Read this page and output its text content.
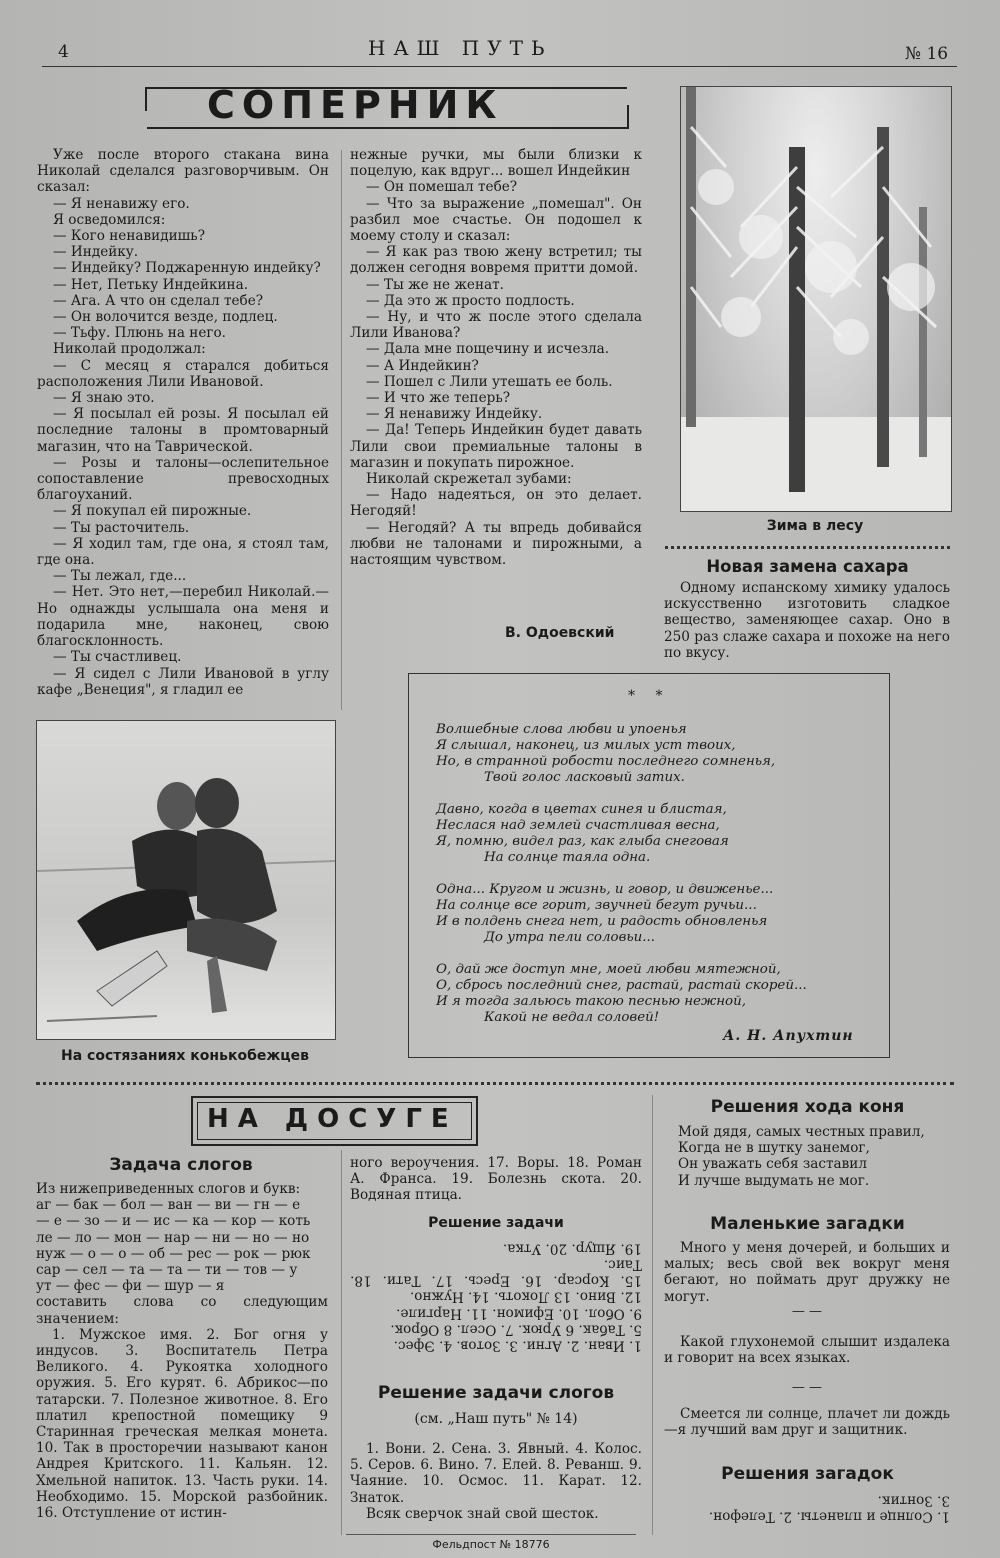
4	НАШ ПУТЬ	№ 16
СОПЕРНИК

Уже после второго стакана вина Николай сделался разговорчивым. Он сказал:

— Я ненавижу его.

Я осведомился:

— Кого ненавидишь?

— Индейку.

— Индейку? Поджаренную индейку?

— Нет, Петьку Индейкина.

— Ага. А что он сделал тебе?

— Он волочится везде, подлец.

— Тьфу. Плюнь на него.

Николай продолжал:

— С месяц я старался добиться расположения Лили Ивановой.

— Я знаю это.

— Я посылал ей розы. Я посылал ей последние талоны в промтоварный магазин, что на Таврической.

— Розы и талоны—ослепительное сопоставление превосходных благоуханий.

— Я покупал ей пирожные.

— Ты расточитель.

— Я ходил там, где она, я стоял там, где она.

— Ты лежал, где...

— Нет. Это нет,—перебил Николай.—Но однажды услышала она меня и подарила мне, наконец, свою благосклонность.

— Ты счастливец.

— Я сидел с Лили Ивановой в углу кафе „Венеция", я гладил ее

нежные ручки, мы были близки к поцелую, как вдруг... вошел Индейкин

— Он помешал тебе?

— Что за выражение „помешал". Он разбил мое счастье. Он подошел к моему столу и сказал:

— Я как раз твою жену встретил; ты должен сегодня вовремя притти домой.

— Ты же не женат.

— Да это ж просто подлость.

— Ну, и что ж после этого сделала Лили Иванова?

— Дала мне пощечину и исчезла.

— А Индейкин?

— Пошел с Лили утешать ее боль.

— И что же теперь?

— Я ненавижу Индейку.

— Да! Теперь Индейкин будет давать Лили свои премиальные талоны в магазин и покупать пирожное.

Николай скрежетал зубами:

— Надо надеяться, он это делает. Негодяй!

— Негодяй? А ты впредь добивайся любви не талонами и пирожными, а настоящим чувством.

В. Одоевский
Зима в лесу
Новая замена сахара

Одному испанскому химику удалось искусственно изготовить сладкое вещество, заменяющее сахар. Оно в 250 раз слаже сахара и похоже на него по вкусу.

* *
Волшебные слова любви и упоенья
Я слышал, наконец, из милых уст твоих,
Но, в странной робости последнего сомненья,
Твой голос ласковый затих.
Давно, когда в цветах синея и блистая,
Неслася над землей счастливая весна,
Я, помню, видел раз, как глыба снеговая
На солнце таяла одна.
Одна... Кругом и жизнь, и говор, и движенье...
На солнце все горит, звучней бегут ручьи...
И в полдень снега нет, и радость обновленья
До утра пели соловьи...
О, дай же доступ мне, моей любви мятежной,
О, сбрось последний снег, растай, растай скорей...
И я тогда зальюсь такою песнью нежной,
Какой не ведал соловей!
А. Н. Апухтин
На состязаниях конькобежцев
НА ДОСУГЕ
Задача слогов

Из нижеприведенных слогов и букв:

аг — бак — бол — ван — ви — гн — е
— е — зо — и — ис — ка — кор — коть
ле — ло — мон — нар — ни — но — но
нуж — о — о — об — рес — рок — рюк
сар — сел — та — та — ти — тов — у
ут — фес — фи — шур — я

составить слова со следующим значением:

1. Мужское имя. 2. Бог огня у индусов. 3. Воспитатель Петра Великого. 4. Рукоятка холодного оружия. 5. Его курят. 6. Абрикос—по татарски. 7. Полезное животное. 8. Его платил крепостной помещику 9 Старинная греческая мелкая монета. 10. Так в просторечии называют канон Андрея Критского. 11. Кальян. 12. Хмельной напиток. 13. Часть руки. 14. Необходимо. 15. Морской разбойник. 16. Отступление от истин-

ного вероучения. 17. Воры. 18. Роман А. Франса. 19. Болезнь скота. 20. Водяная птица.

Решение задачи
1. Иван. 2. Агни. 3. Зотов. 4. Эфес.
5. Табак. 6 Урюк. 7. Осел. 8 Оброк.
9. Обол. 10. Ефимон. 11. Наргиле.
12. Вино. 13 Локоть. 14. Нужно.
15. Корсар. 16. Ересь. 17. Тати. 18. Таис.
19. Ящур. 20. Утка.
Решение задачи слогов
(см. „Наш путь" № 14)

1. Вони. 2. Сена. 3. Явный. 4. Колос. 5. Серов. 6. Вино. 7. Елей. 8. Реванш. 9. Чаяние. 10. Осмос. 11. Карат. 12. Знаток.

Всяк сверчок знай свой шесток.

Решения хода коня
Мой дядя, самых честных правил,
Когда не в шутку занемог,
Он уважать себя заставил
И лучше выдумать не мог.
Маленькие загадки

Много у меня дочерей, и больших и малых; весь свой век вокруг меня бегают, но поймать друг дружку не могут.

— —

Какой глухонемой слышит издалека и говорит на всех языках.

— —

Смеется ли солнце, плачет ли дождь—я лучший вам друг и защитник.

Решения загадок
1. Солнце и планеты. 2. Телефон.
3. Зонтик.
Фельдпост № 18776
